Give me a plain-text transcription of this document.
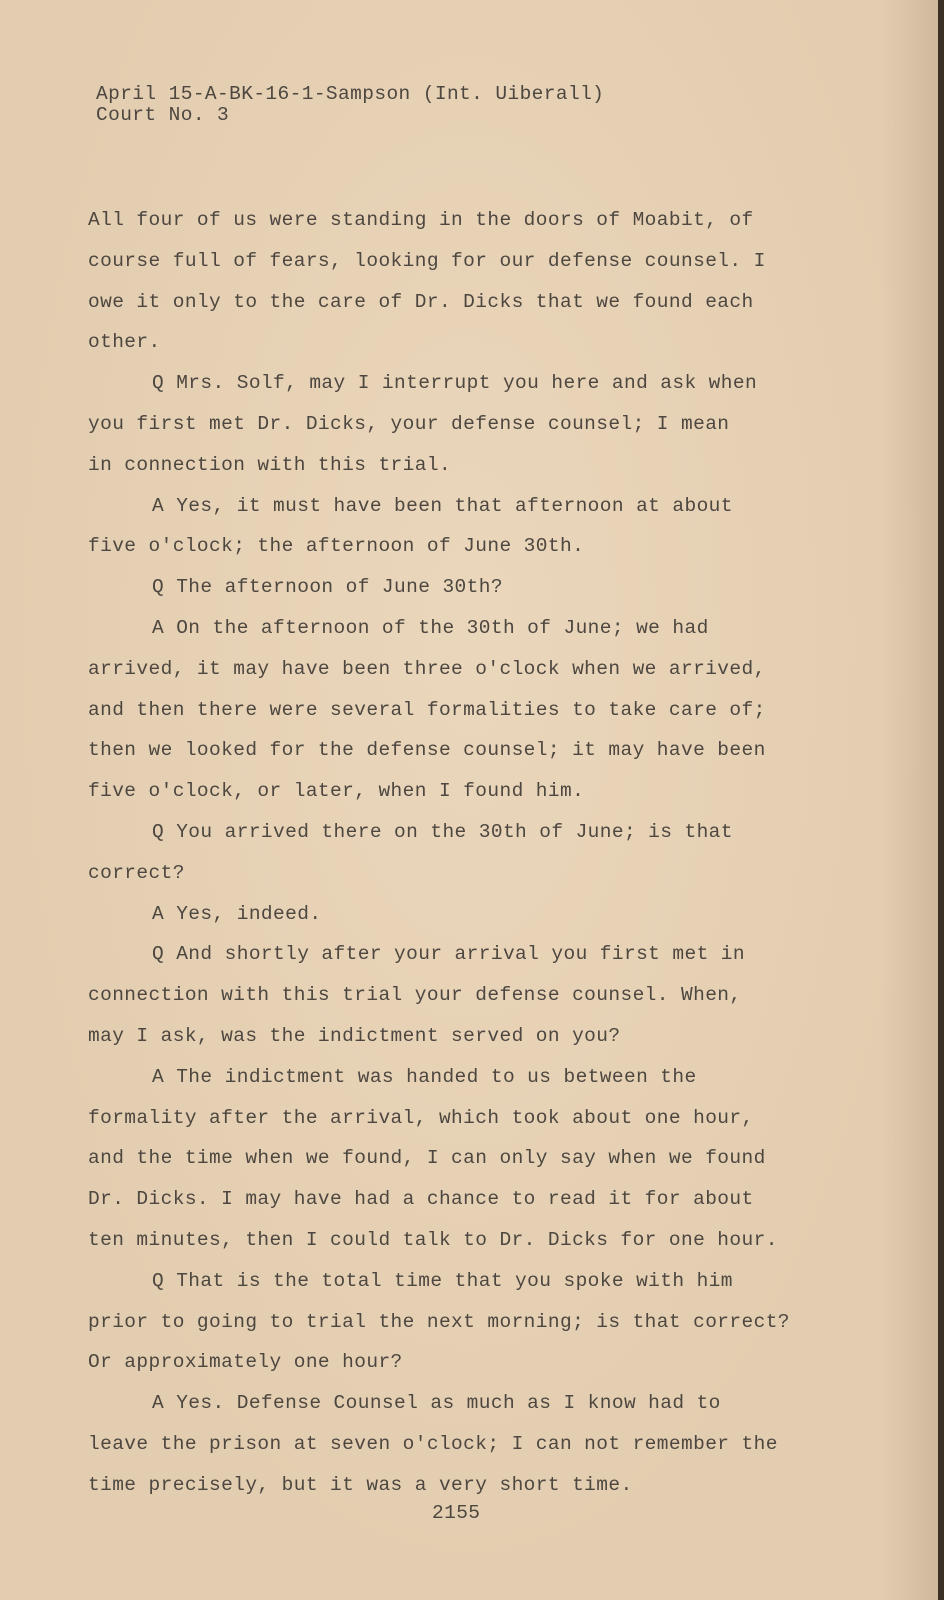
April 15-A-BK-16-1-Sampson (Int. Uiberall)
Court No. 3
All four of us were standing in the doors of Moabit, of
course full of fears, looking for our defense counsel. I
owe it only to the care of Dr. Dicks that we found each
other.
Q Mrs. Solf, may I interrupt you here and ask when
you first met Dr. Dicks, your defense counsel; I mean
in connection with this trial.
A Yes, it must have been that afternoon at about
five o'clock; the afternoon of June 30th.
Q The afternoon of June 30th?
A On the afternoon of the 30th of June; we had
arrived, it may have been three o'clock when we arrived,
and then there were several formalities to take care of;
then we looked for the defense counsel; it may have been
five o'clock, or later, when I found him.
Q You arrived there on the 30th of June; is that
correct?
A Yes, indeed.
Q And shortly after your arrival you first met in
connection with this trial your defense counsel. When,
may I ask, was the indictment served on you?
A The indictment was handed to us between the
formality after the arrival, which took about one hour,
and the time when we found, I can only say when we found
Dr. Dicks. I may have had a chance to read it for about
ten minutes, then I could talk to Dr. Dicks for one hour.
Q That is the total time that you spoke with him
prior to going to trial the next morning; is that correct?
Or approximately one hour?
A Yes. Defense Counsel as much as I know had to
leave the prison at seven o'clock; I can not remember the
time precisely, but it was a very short time.
2155
